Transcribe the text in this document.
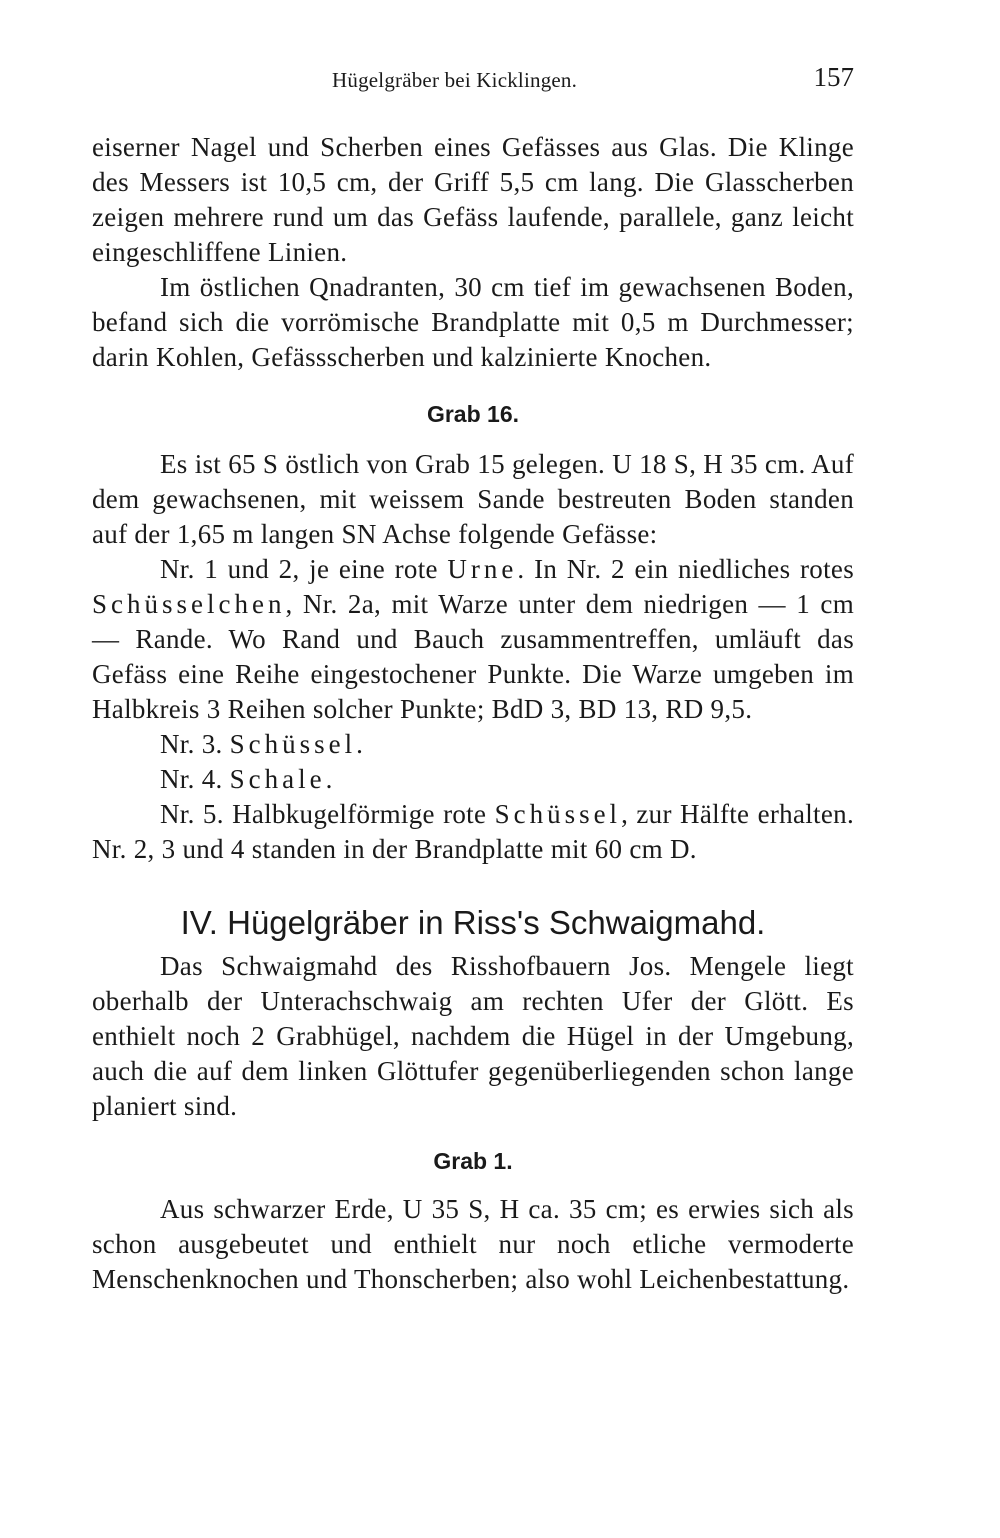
Hügelgräber bei Kicklingen.	157

eiserner Nagel und Scherben eines Gefässes aus Glas. Die Klinge des Messers ist 10,5 cm, der Griff 5,5 cm lang. Die Glasscherben zeigen mehrere rund um das Gefäss laufende, parallele, ganz leicht eingeschliffene Linien.

Im östlichen Qnadranten, 30 cm tief im gewachsenen Boden, befand sich die vorrömische Brandplatte mit 0,5 m Durchmesser; darin Kohlen, Gefässscherben und kalzinierte Knochen.

Grab 16.

Es ist 65 S östlich von Grab 15 gelegen. U 18 S, H 35 cm. Auf dem gewachsenen, mit weissem Sande bestreuten Boden standen auf der 1,65 m langen SN Achse folgende Gefässe:

Nr. 1 und 2, je eine rote Urne. In Nr. 2 ein niedliches rotes Schüsselchen, Nr. 2a, mit Warze unter dem niedrigen — 1 cm — Rande. Wo Rand und Bauch zusammentreffen, umläuft das Gefäss eine Reihe eingestochener Punkte. Die Warze umgeben im Halbkreis 3 Reihen solcher Punkte; BdD 3, BD 13, RD 9,5.

Nr. 3. Schüssel.

Nr. 4. Schale.

Nr. 5. Halbkugelförmige rote Schüssel, zur Hälfte erhalten. Nr. 2, 3 und 4 standen in der Brandplatte mit 60 cm D.

IV. Hügelgräber in Riss's Schwaigmahd.

Das Schwaigmahd des Risshofbauern Jos. Mengele liegt oberhalb der Unterachschwaig am rechten Ufer der Glött. Es enthielt noch 2 Grabhügel, nachdem die Hügel in der Umgebung, auch die auf dem linken Glöttufer gegenüberliegenden schon lange planiert sind.

Grab 1.

Aus schwarzer Erde, U 35 S, H ca. 35 cm; es erwies sich als schon ausgebeutet und enthielt nur noch etliche vermoderte Menschenknochen und Thonscherben; also wohl Leichenbestattung.
